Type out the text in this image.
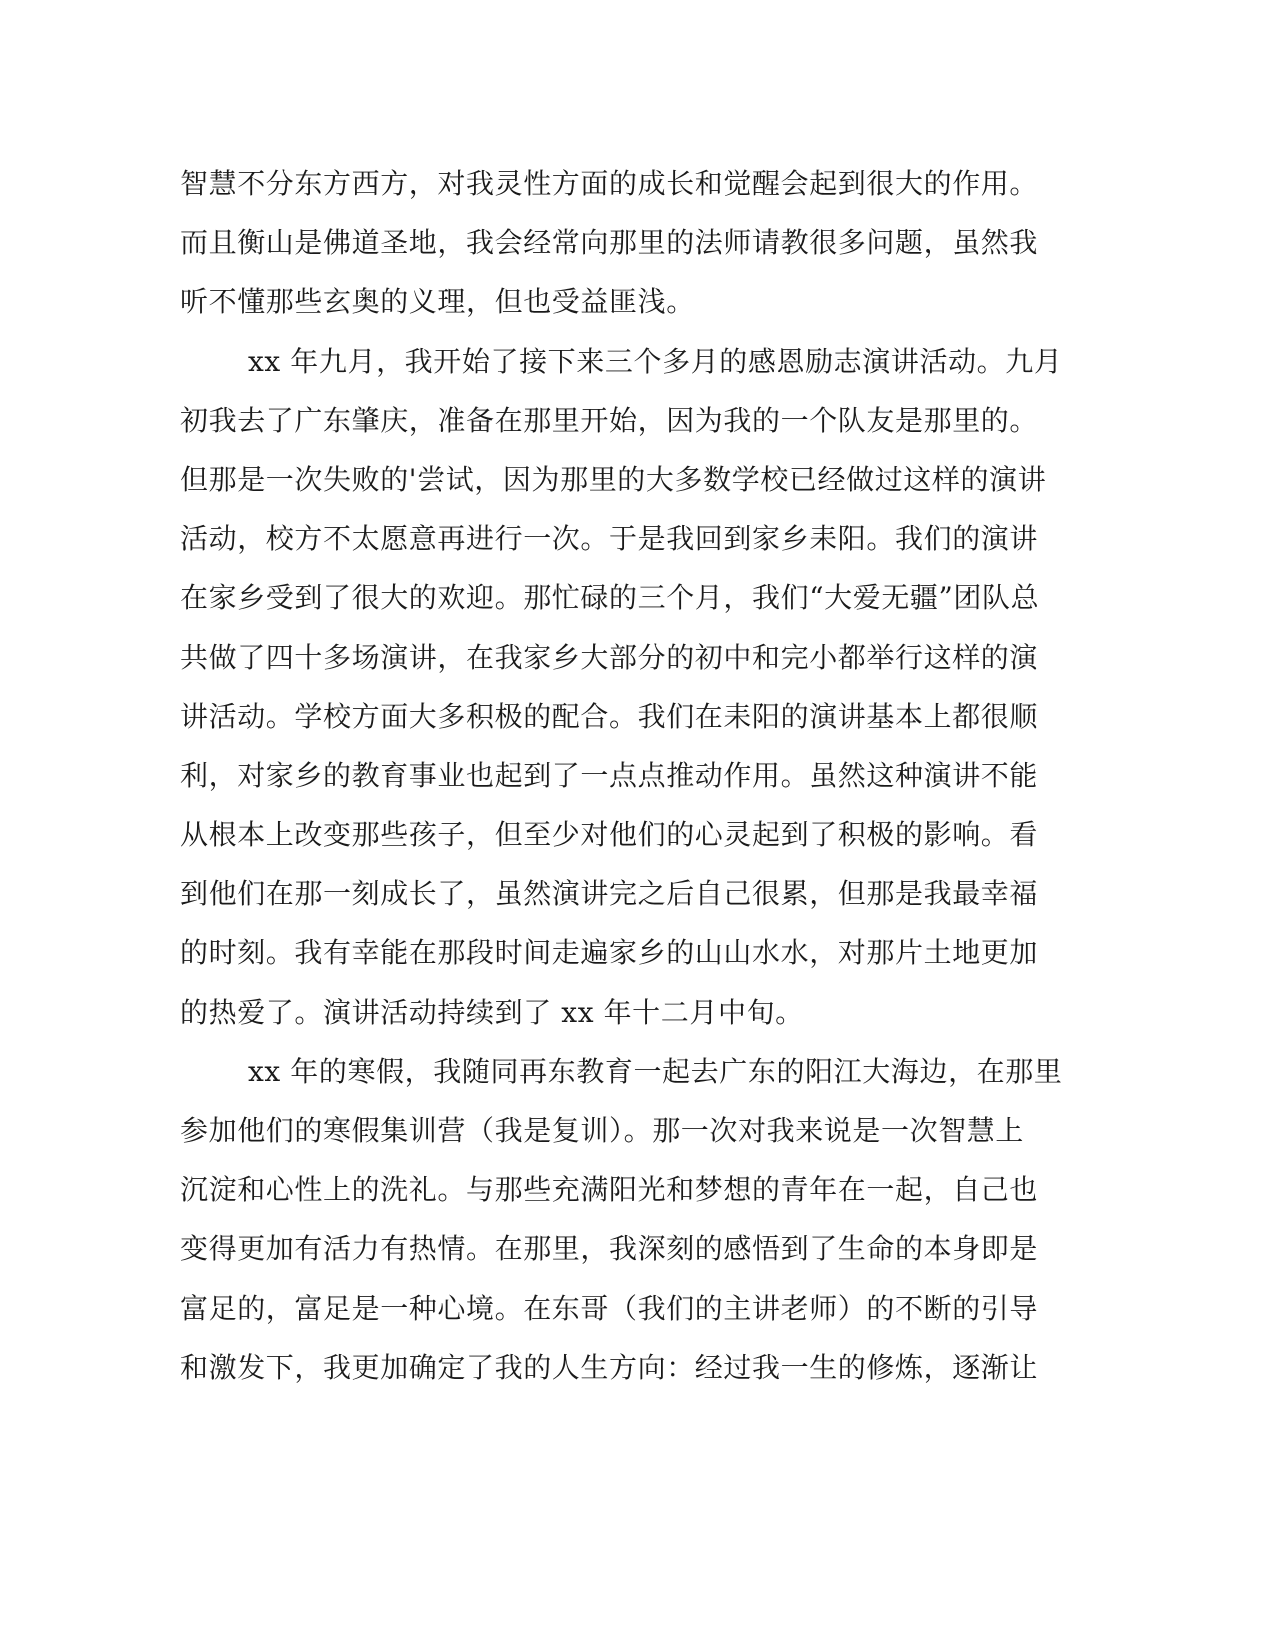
智慧不分东方西方，对我灵性方面的成长和觉醒会起到很大的作用。
而且衡山是佛道圣地，我会经常向那里的法师请教很多问题，虽然我
听不懂那些玄奥的义理，但也受益匪浅。
xx 年九月，我开始了接下来三个多月的感恩励志演讲活动。九月
初我去了广东肇庆，准备在那里开始，因为我的一个队友是那里的。
但那是一次失败的'尝试，因为那里的大多数学校已经做过这样的演讲
活动，校方不太愿意再进行一次。于是我回到家乡耒阳。我们的演讲
在家乡受到了很大的欢迎。那忙碌的三个月，我们“大爱无疆”团队总
共做了四十多场演讲，在我家乡大部分的初中和完小都举行这样的演
讲活动。学校方面大多积极的配合。我们在耒阳的演讲基本上都很顺
利，对家乡的教育事业也起到了一点点推动作用。虽然这种演讲不能
从根本上改变那些孩子，但至少对他们的心灵起到了积极的影响。看
到他们在那一刻成长了，虽然演讲完之后自己很累，但那是我最幸福
的时刻。我有幸能在那段时间走遍家乡的山山水水，对那片土地更加
的热爱了。演讲活动持续到了 xx 年十二月中旬。
xx 年的寒假，我随同再东教育一起去广东的阳江大海边，在那里
参加他们的寒假集训营（我是复训）。那一次对我来说是一次智慧上
沉淀和心性上的洗礼。与那些充满阳光和梦想的青年在一起，自己也
变得更加有活力有热情。在那里，我深刻的感悟到了生命的本身即是
富足的，富足是一种心境。在东哥（我们的主讲老师）的不断的引导
和激发下，我更加确定了我的人生方向：经过我一生的修炼，逐渐让
